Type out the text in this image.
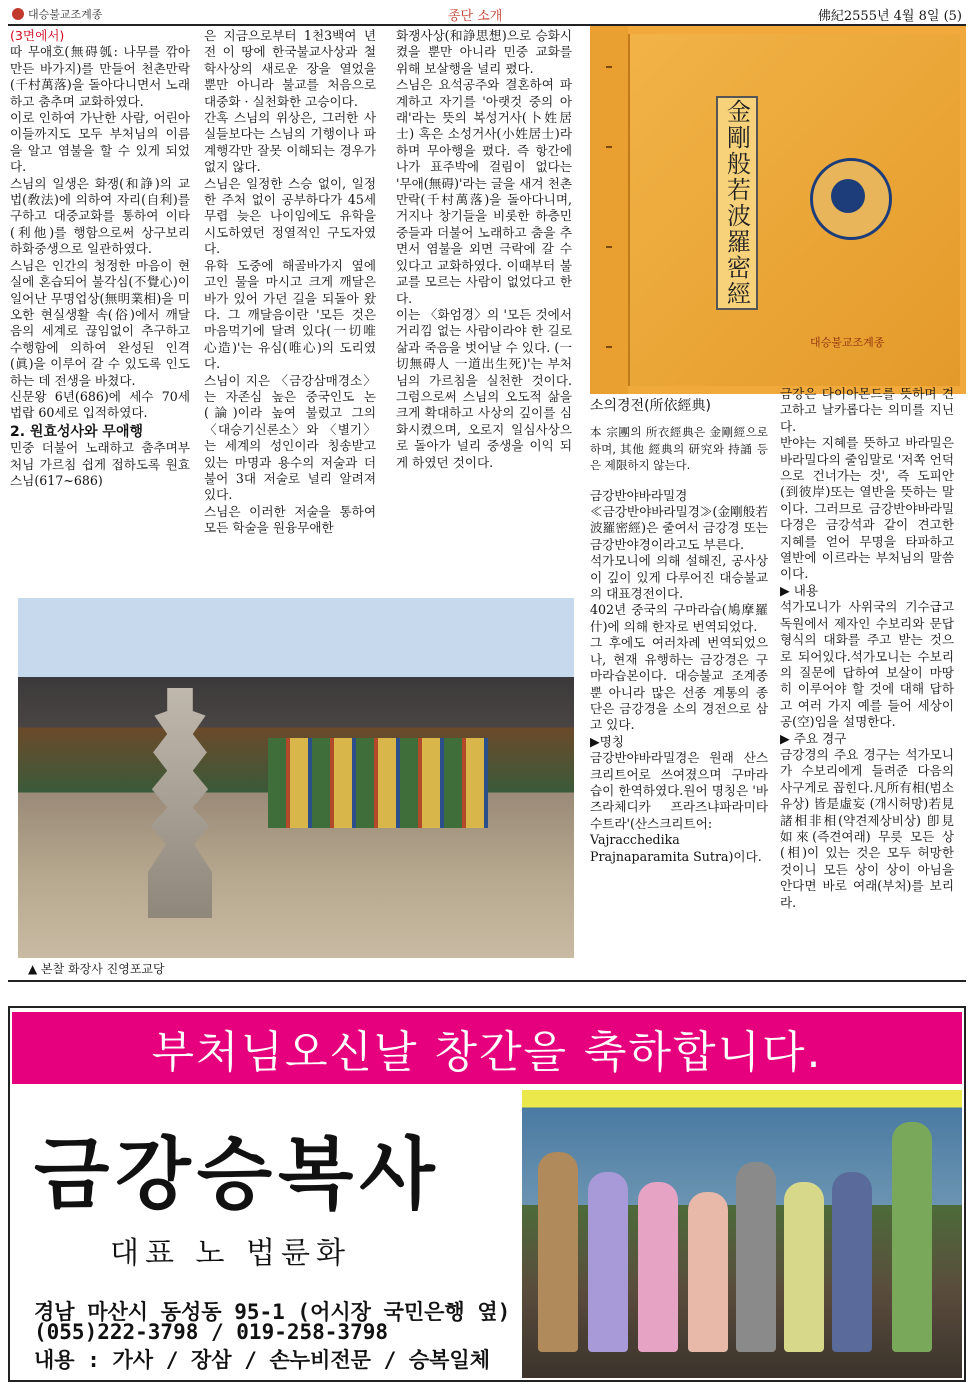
대승불교조계종	종단 소개	佛紀2555년 4월 8일 (5)

(3면에서)

따 무애호(無碍瓠: 나무를 깎아 만든 바가지)를 만들어 천촌만락(千村萬落)을 돌아다니면서 노래하고 춤추며 교화하였다.

이로 인하여 가난한 사람, 어린아이들까지도 모두 부처님의 이름을 알고 염불을 할 수 있게 되었다.

스님의 일생은 화쟁(和諍)의 교법(敎法)에 의하여 자리(自利)를 구하고 대중교화를 통하여 이타(利他)를 행함으로써 상구보리 하화중생으로 일관하였다.

스님은 인간의 청정한 마음이 현실에 혼습되어 불각심(不覺心)이 일어난 무명업상(無明業相)을 미오한 현실생활 속(俗)에서 깨달음의 세계로 끊임없이 추구하고 수행함에 의하여 완성된 인격(眞)을 이루어 갈 수 있도록 인도하는 데 전생을 바쳤다.

신문왕 6년(686)에 세수 70세 법랍 60세로 입적하였다.

2. 원효성사와 무애행

민중 더불어 노래하고 춤추며부처님 가르침 쉽게 접하도록 원효 스님(617~686)

은 지금으로부터 1천3백여 년 전 이 땅에 한국불교사상과 철학사상의 새로운 장을 열었을 뿐만 아니라 불교를 처음으로 대중화 · 실천화한 고승이다.

간혹 스님의 위상은, 그러한 사실들보다는 스님의 기행이나 파계행각만 잘못 이해되는 경우가 없지 않다.

스님은 일정한 스승 없이, 일정한 주처 없이 공부하다가 45세 무렵 늦은 나이임에도 유학을 시도하였던 정열적인 구도자였다.

유학 도중에 해골바가지 옆에 고인 물을 마시고 크게 깨달은 바가 있어 가던 길을 되돌아 왔다. 그 깨달음이란 '모든 것은 마음먹기에 달려 있다(一切唯心造)'는 유심(唯心)의 도리였다.

스님이 지은 〈금강삼매경소〉는 자존심 높은 중국인도 논(論)이라 높여 불렀고 그의 〈대승기신론소〉와 〈별기〉는 세계의 성인이라 칭송받고 있는 마명과 용수의 저술과 더불어 3대 저술로 널리 알려져 있다.

스님은 이러한 저술을 통하여 모든 학술을 원융무애한

화쟁사상(和諍思想)으로 승화시켰을 뿐만 아니라 민중 교화를 위해 보살행을 널리 폈다.

스님은 요석공주와 결혼하여 파계하고 자기를 '아랫것 중의 아래'라는 뜻의 복성거사(卜姓居士) 혹은 소성거사(小姓居士)라 하며 무아행을 폈다. 즉 항간에 나가 표주박에 걸림이 없다는 '무애(無碍)'라는 글을 새겨 천촌만락(千村萬落)을 돌아다니며, 거지나 창기들을 비롯한 하층민중들과 더불어 노래하고 춤을 추면서 염불을 외면 극락에 갈 수 있다고 교화하였다. 이때부터 불교를 모르는 사람이 없었다고 한다.

이는 〈화엄경〉의 '모든 것에서 거리낌 없는 사람이라야 한 길로 삶과 죽음을 벗어날 수 있다. (一切無碍人 一道出生死)'는 부처님의 가르침을 실천한 것이다. 그럼으로써 스님의 오도적 삶을 크게 확대하고 사상의 깊이를 심화시켰으며, 오로지 일심사상으로 돌아가 널리 중생을 이익 되게 하였던 것이다.

金剛般若波羅密經
대승불교조계종

소의경전(所依經典)

本 宗團의 所衣經典은 金剛經으로 하며, 其他 經典의 研究와 持誦 등은 제限하지 않는다.

금강반야바라밀경

≪금강반야바라밀경≫(金剛般若波羅密經)은 줄여서 금강경 또는 금강반야경이라고도 부른다.

석가모니에 의해 설해진, 공사상이 깊이 있게 다루어진 대승불교의 대표경전이다.

402년 중국의 구마라습(鳩摩羅什)에 의해 한자로 번역되었다.

그 후에도 여러차례 번역되었으나, 현재 유행하는 금강경은 구마라습본이다. 대승불교 조계종 뿐 아니라 많은 선종 계통의 종단은 금강경을 소의 경전으로 삼고 있다.

▶명칭

금강반야바라밀경은 원래 산스크리트어로 쓰여졌으며 구마라습이 한역하였다.원어 명칭은 '바즈라체디카 프라즈냐파라미타 수트라'(산스크리트어: Vajracchedika Prajnaparamita Sutra)이다.

금강은 다이아몬드를 뜻하며 견고하고 날카롭다는 의미를 지닌다.

반야는 지혜를 뜻하고 바라밀은 바라밀다의 줄임말로 '저쪽 언덕으로 건너가는 것', 즉 도피안(到彼岸)또는 열반을 뜻하는 말이다. 그러므로 금강반야바라밀다경은 금강석과 같이 견고한 지혜를 얻어 무명을 타파하고 열반에 이르라는 부처님의 말씀이다.

▶ 내용

석가모니가 사위국의 기수급고독원에서 제자인 수보리와 문답 형식의 대화를 주고 받는 것으로 되어있다.석가모니는 수보리의 질문에 답하여 보살이 마땅히 이루어야 할 것에 대해 답하고 여러 가지 예를 들어 세상이 공(空)임을 설명한다.

▶ 주요 경구

금강경의 주요 경구는 석가모니가 수보리에게 들려준 다음의 사구게로 꼽힌다.凡所有相(범소유상) 皆是虛妄 (개시허망)若見諸相非相(약견제상비상) 卽見如來(즉견여래) 무릇 모든 상(相)이 있는 것은 모두 허망한 것이니 모든 상이 상이 아님을 안다면 바로 여래(부처)를 보리라.

▲ 본찰 화장사 진영포교당
부처님오신날 창간을 축하합니다.
금강승복사
대표 노 법륜화
경남 마산시 동성동 95-1 (어시장 국민은행 옆)
(055)222-3798 / 019-258-3798
내용 : 가사 / 장삼 / 손누비전문 / 승복일체
